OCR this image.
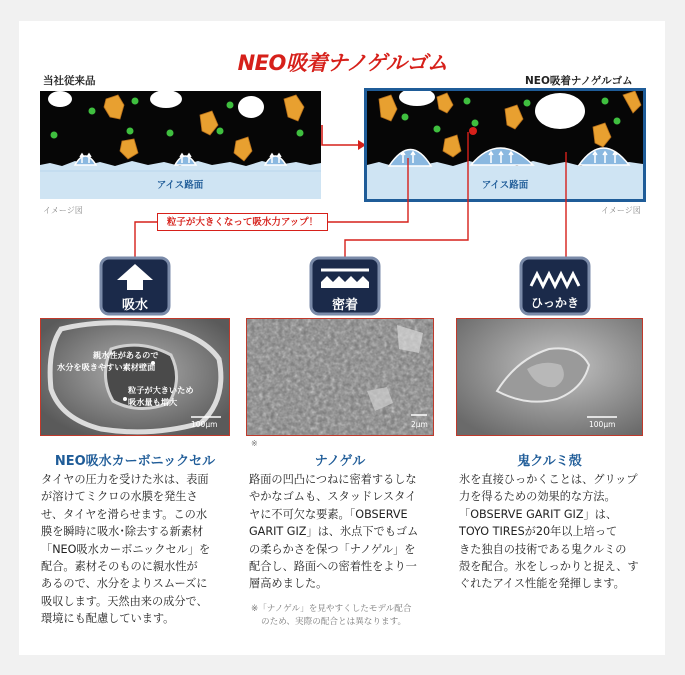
NEO吸着ナノゲルゴム
当社従来品	NEO吸着ナノゲルゴム
アイス路面
イメージ図
アイス路面
イメージ図
粒子が大きくなって吸水力アップ！
吸水	密着	ひっかき
親水性があるので
水分を吸きやすい素材壁面
粒子が大きいため
吸水量も増大
100μm	2μm
※
100μm
NEO吸水カーボニックセル	ナノゲル	鬼クルミ殻
タイヤの圧力を受けた氷は、表面
が溶けてミクロの水膜を発生さ
せ、タイヤを滑らせます。この水
膜を瞬時に吸水･除去する新素材
「NEO吸水カーボニックセル」を
配合。素材そのものに親水性が
あるので、水分をよりスムーズに
吸収します。天然由来の成分で、
環境にも配慮しています。
路面の凹凸につねに密着するしな
やかなゴムも、スタッドレスタイ
ヤに不可欠な要素。「OBSERVE
GARIT GIZ」は、氷点下でもゴム
の柔らかさを保つ「ナノゲル」を
配合し、路面への密着性をより一
層高めました。
※「ナノゲル」を見やすくしたモデル配合
のため、実際の配合とは異なります。
氷を直接ひっかくことは、グリップ
力を得るための効果的な方法。
「OBSERVE GARIT GIZ」は、
TOYO TIRESが20年以上培って
きた独自の技術である鬼クルミの
殻を配合。氷をしっかりと捉え、す
ぐれたアイス性能を発揮します。
